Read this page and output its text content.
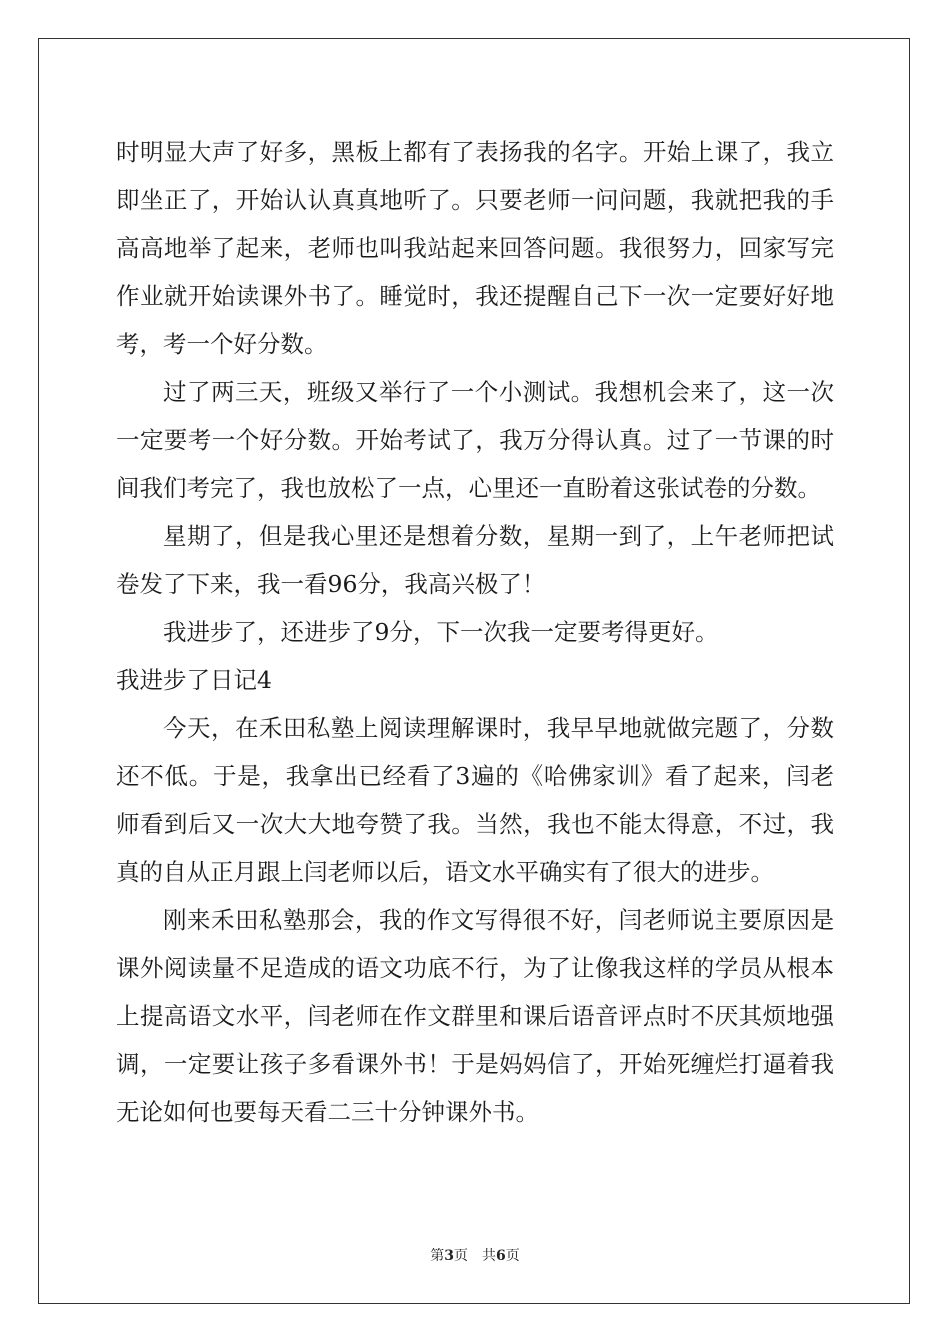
时明显大声了好多，黑板上都有了表扬我的名字。开始上课了，我立即坐正了，开始认认真真地听了。只要老师一问问题，我就把我的手高高地举了起来，老师也叫我站起来回答问题。我很努力，回家写完作业就开始读课外书了。睡觉时，我还提醒自己下一次一定要好好地考，考一个好分数。

过了两三天，班级又举行了一个小测试。我想机会来了，这一次一定要考一个好分数。开始考试了，我万分得认真。过了一节课的时间我们考完了，我也放松了一点，心里还一直盼着这张试卷的分数。

星期了，但是我心里还是想着分数，星期一到了，上午老师把试卷发了下来，我一看96分，我高兴极了！

我进步了，还进步了9分，下一次我一定要考得更好。

我进步了日记4

今天，在禾田私塾上阅读理解课时，我早早地就做完题了，分数还不低。于是，我拿出已经看了3遍的《哈佛家训》看了起来，闫老师看到后又一次大大地夸赞了我。当然，我也不能太得意，不过，我真的自从正月跟上闫老师以后，语文水平确实有了很大的进步。

刚来禾田私塾那会，我的作文写得很不好，闫老师说主要原因是课外阅读量不足造成的语文功底不行，为了让像我这样的学员从根本上提高语文水平，闫老师在作文群里和课后语音评点时不厌其烦地强调，一定要让孩子多看课外书！于是妈妈信了，开始死缠烂打逼着我无论如何也要每天看二三十分钟课外书。

第3页 共6页
